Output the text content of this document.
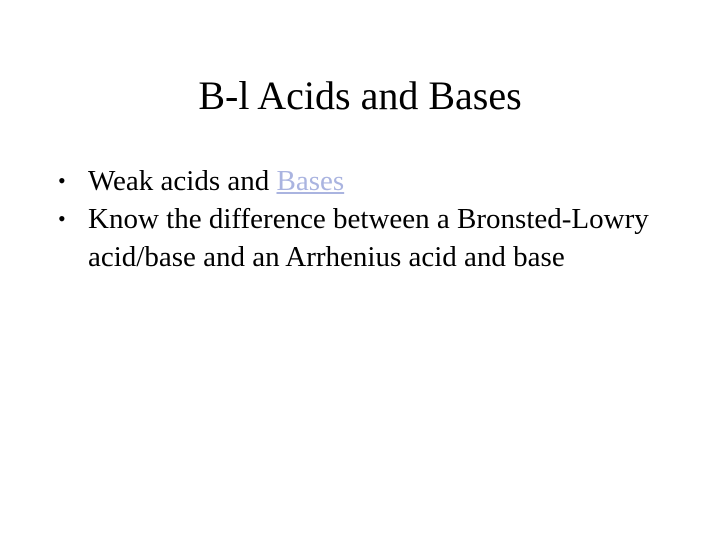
B-l Acids and Bases
• Weak acids and Bases
• Know the difference between a Bronsted-Lowry acid/base and an Arrhenius acid and base
